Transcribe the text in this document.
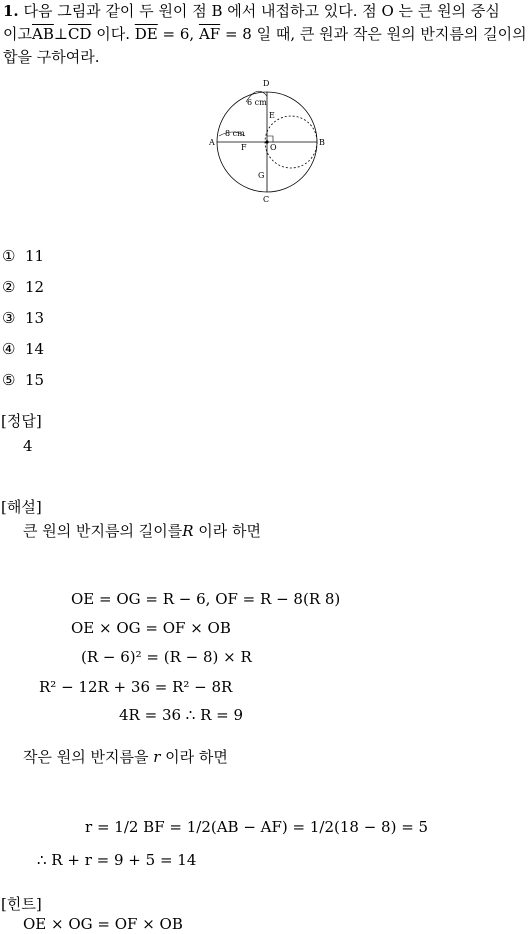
1. 다음 그림과 같이 두 원이 점 B 에서 내접하고 있다. 점 O 는 큰 원의 중심
이고$\overline{AB}\perp\overline{CD}$ 이다. $\overline{DE} = 6$, $\overline{AF} = 8$ 일 때, 큰 원과 작은 원의 반지름의 길이의
합을 구하여라.
D
C
A	B
E
F	O
G
6 cm
8 cm
① 11
② 12
③ 13
④ 14
⑤ 15
[정답]
4
[해설]
큰 원의 반지름의 길이를R 이라 하면
OE = OG = R − 6, OF = R − 8(R 8)
OE × OG = OF × OB
(R − 6)² = (R − 8) × R
R² − 12R + 36 = R² − 8R
4R = 36 ∴ R = 9
작은 원의 반지름을 r 이라 하면
r = 1/2 BF = 1/2(AB − AF) = 1/2(18 − 8) = 5
∴ R + r = 9 + 5 = 14
[힌트]
OE × OG = OF × OB
